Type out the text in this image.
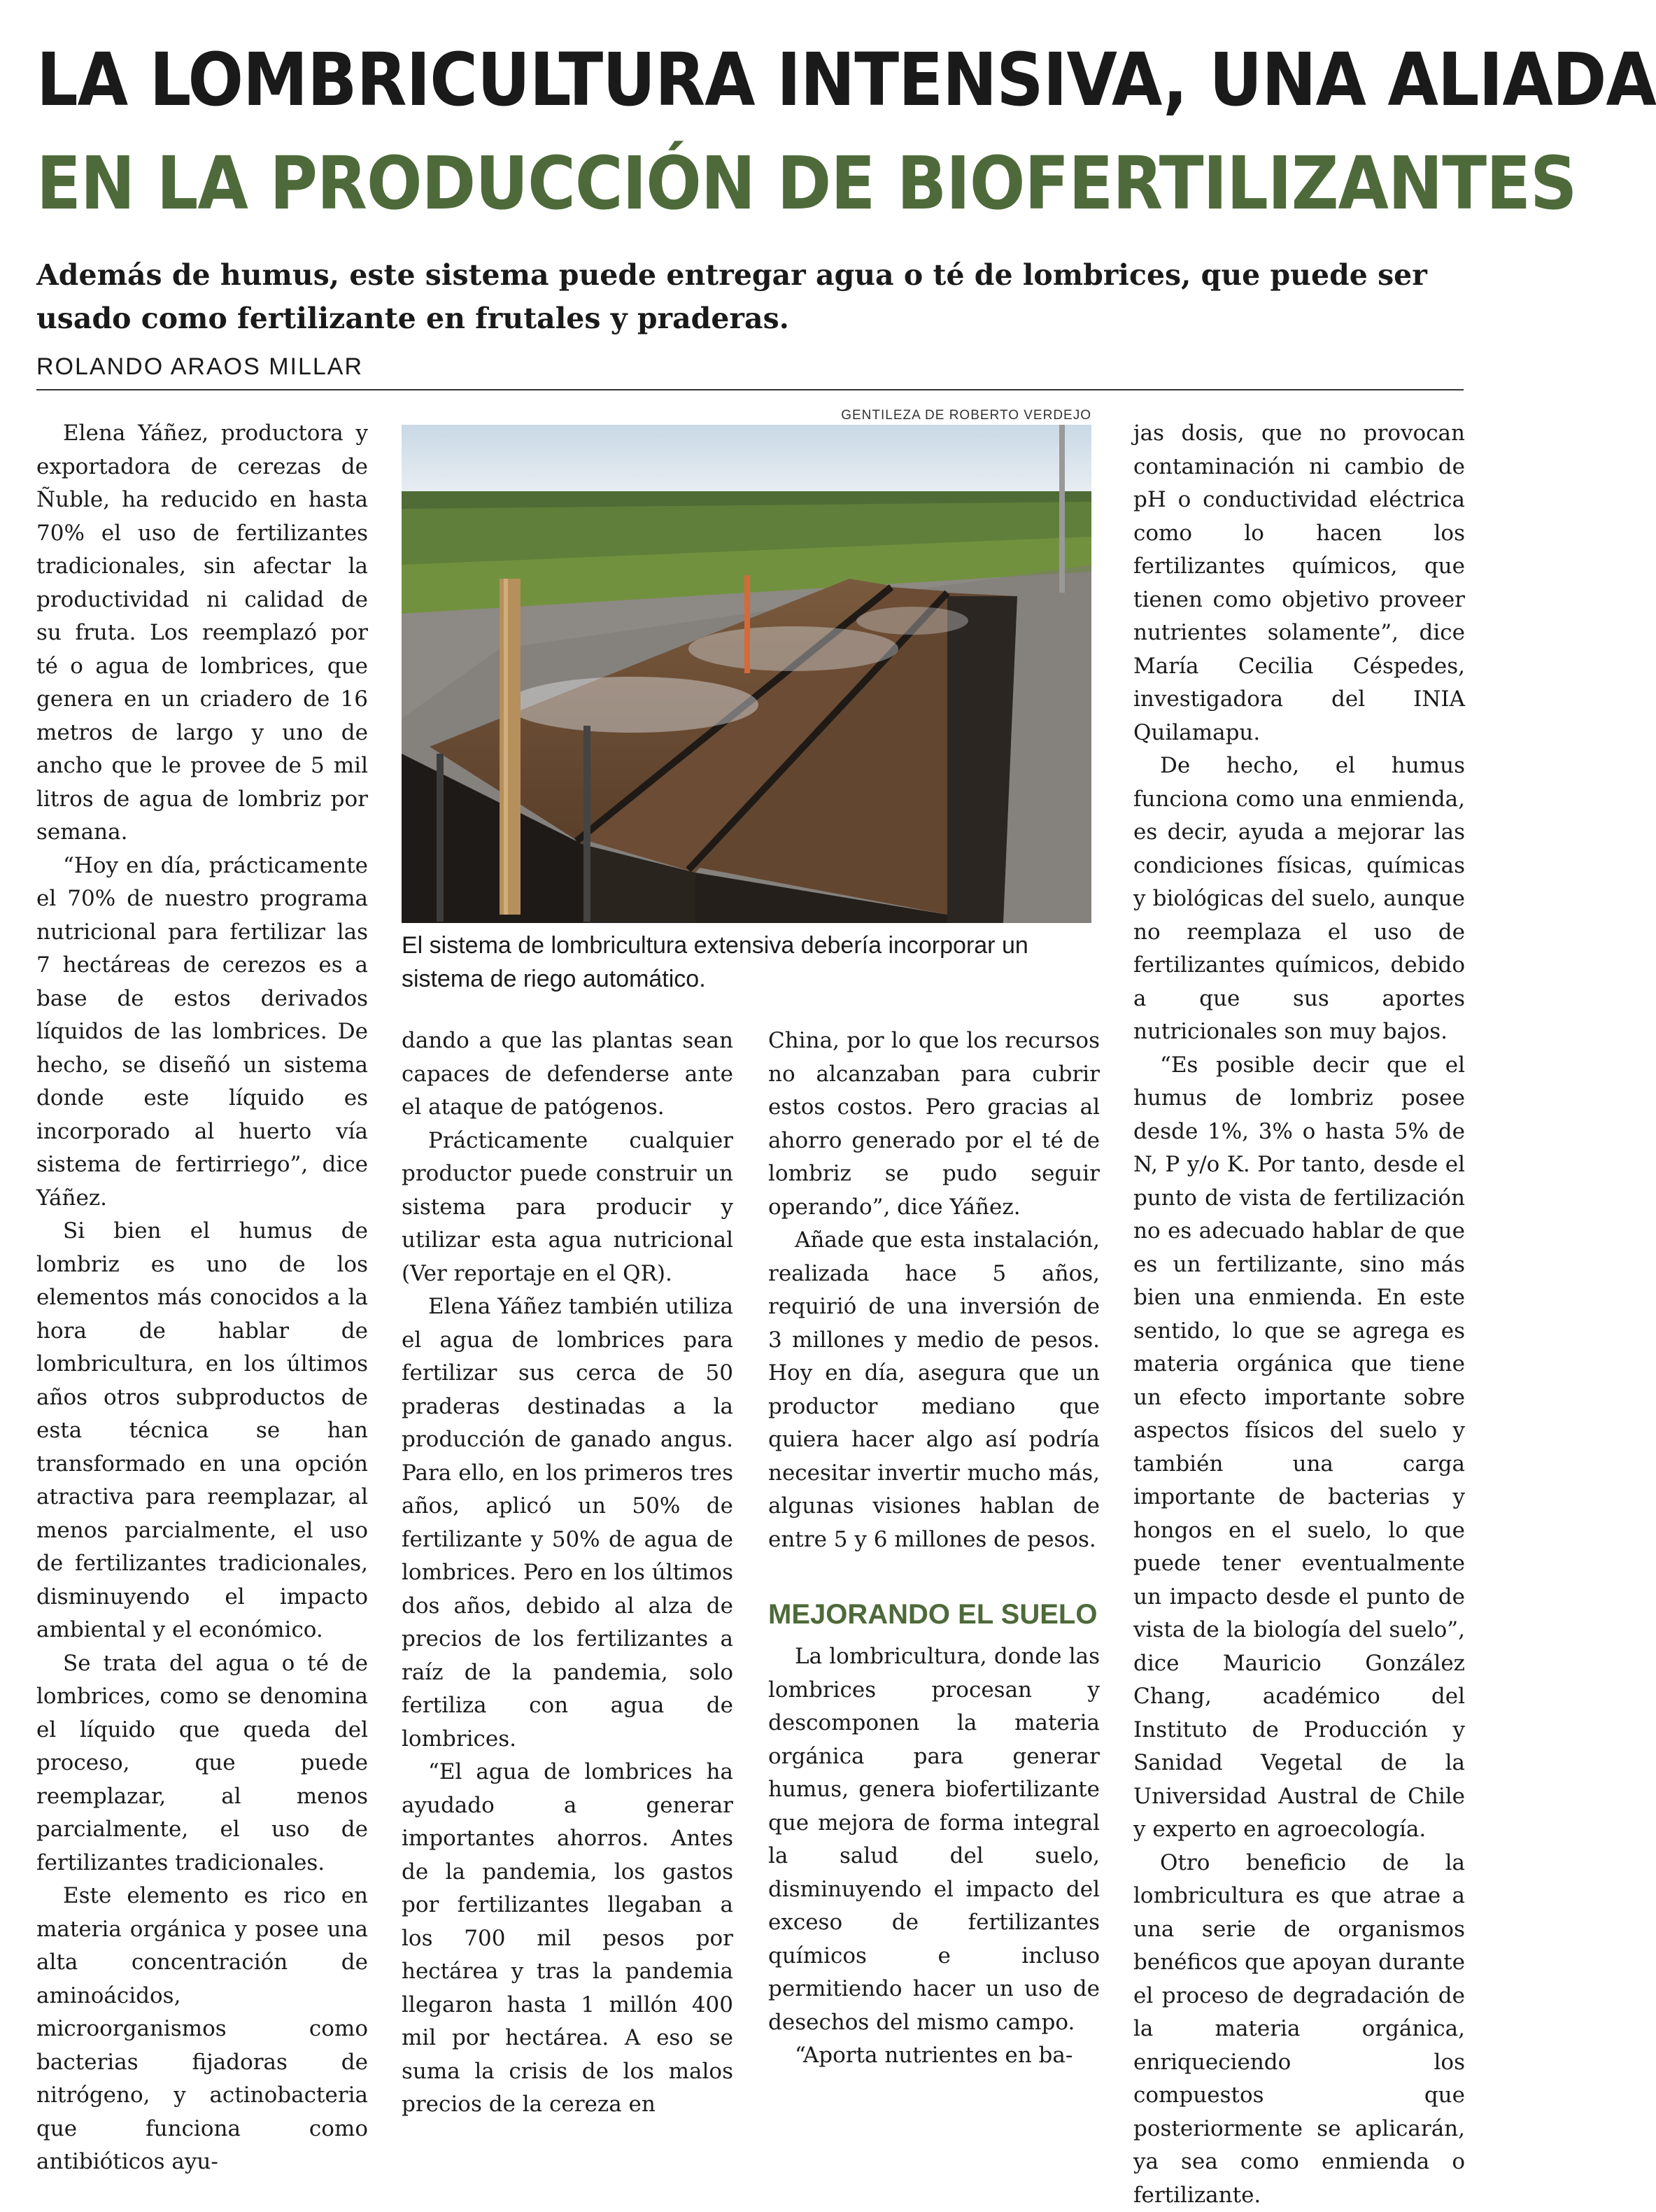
LA LOMBRICULTURA INTENSIVA, UNA ALIADA
EN LA PRODUCCIÓN DE BIOFERTILIZANTES
Además de humus, este sistema puede entregar agua o té de lombrices, que puede ser usado como fertilizante en frutales y praderas.
ROLANDO ARAOS MILLAR

Elena Yáñez, productora y exportadora de cerezas de Ñuble, ha reducido en hasta 70% el uso de fertilizantes tradicionales, sin afectar la productividad ni calidad de su fruta. Los reemplazó por té o agua de lombrices, que genera en un criadero de 16 metros de largo y uno de ancho que le provee de 5 mil litros de agua de lombriz por semana.

“Hoy en día, prácticamente el 70% de nuestro programa nutricional para fertilizar las 7 hectáreas de cerezos es a base de estos derivados líquidos de las lombrices. De hecho, se diseñó un sistema donde este líquido es incorporado al huerto vía sistema de fertirriego”, dice Yáñez.

Si bien el humus de lombriz es uno de los elementos más conocidos a la hora de hablar de lombricultura, en los últimos años otros subproductos de esta técnica se han transformado en una opción atractiva para reemplazar, al menos parcialmente, el uso de fertilizantes tradicionales, disminuyendo el impacto ambiental y el económico.

Se trata del agua o té de lombrices, como se denomina el líquido que queda del proceso, que puede reemplazar, al menos parcialmente, el uso de fertilizantes tradicionales.

Este elemento es rico en materia orgánica y posee una alta concentración de aminoácidos, microorganismos como bacterias fijadoras de nitrógeno, y actinobacteria que funciona como antibióticos ayu-

GENTILEZA DE ROBERTO VERDEJO
El sistema de lombricultura extensiva debería incorporar un sistema de riego automático.

dando a que las plantas sean capaces de defenderse ante el ataque de patógenos.

Prácticamente cualquier productor puede construir un sistema para producir y utilizar esta agua nutricional (Ver reportaje en el QR).

Elena Yáñez también utiliza el agua de lombrices para fertilizar sus cerca de 50 praderas destinadas a la producción de ganado angus. Para ello, en los primeros tres años, aplicó un 50% de fertilizante y 50% de agua de lombrices. Pero en los últimos dos años, debido al alza de precios de los fertilizantes a raíz de la pandemia, solo fertiliza con agua de lombrices.

“El agua de lombrices ha ayudado a generar importantes ahorros. Antes de la pandemia, los gastos por fertilizantes llegaban a los 700 mil pesos por hectárea y tras la pandemia llegaron hasta 1 millón 400 mil por hectárea. A eso se suma la crisis de los malos precios de la cereza en

China, por lo que los recursos no alcanzaban para cubrir estos costos. Pero gracias al ahorro generado por el té de lombriz se pudo seguir operando”, dice Yáñez.

Añade que esta instalación, realizada hace 5 años, requirió de una inversión de 3 millones y medio de pesos. Hoy en día, asegura que un productor mediano que quiera hacer algo así podría necesitar invertir mucho más, algunas visiones hablan de entre 5 y 6 millones de pesos.

MEJORANDO EL SUELO

La lombricultura, donde las lombrices procesan y descomponen la materia orgánica para generar humus, genera biofertilizante que mejora de forma integral la salud del suelo, disminuyendo el impacto del exceso de fertilizantes químicos e incluso permitiendo hacer un uso de desechos del mismo campo.

“Aporta nutrientes en ba-

jas dosis, que no provocan contaminación ni cambio de pH o conductividad eléctrica como lo hacen los fertilizantes químicos, que tienen como objetivo proveer nutrientes solamente”, dice María Cecilia Céspedes, investigadora del INIA Quilamapu.

De hecho, el humus funciona como una enmienda, es decir, ayuda a mejorar las condiciones físicas, químicas y biológicas del suelo, aunque no reemplaza el uso de fertilizantes químicos, debido a que sus aportes nutricionales son muy bajos.

“Es posible decir que el humus de lombriz posee desde 1%, 3% o hasta 5% de N, P y/o K. Por tanto, desde el punto de vista de fertilización no es adecuado hablar de que es un fertilizante, sino más bien una enmienda. En este sentido, lo que se agrega es materia orgánica que tiene un efecto importante sobre aspectos físicos del suelo y también una carga importante de bacterias y hongos en el suelo, lo que puede tener eventualmente un impacto desde el punto de vista de la biología del suelo”, dice Mauricio González Chang, académico del Instituto de Producción y Sanidad Vegetal de la Universidad Austral de Chile y experto en agroecología.

Otro beneficio de la lombricultura es que atrae a una serie de organismos benéficos que apoyan durante el proceso de degradación de la materia orgánica, enriqueciendo los compuestos que posteriormente se aplicarán, ya sea como enmienda o fertilizante.
